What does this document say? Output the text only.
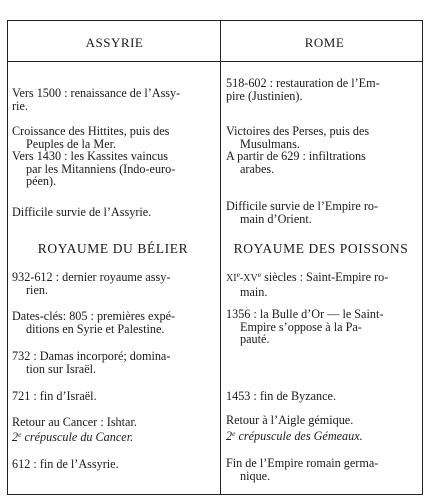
ASSYRIE	ROME

Vers 1500 : renaissance de l’Assy-
rie.

Croissance des Hittites, puis des
Peuples de la Mer.

Vers 1430 : les Kassites vaincus
par les Mitanniens (Indo-euro-
péen).

Difficile survie de l’Assyrie.

ROYAUME DU BÉLIER

932-612 : dernier royaume assy-
rien.

Dates-clés: 805 : premières expé-
ditions en Syrie et Palestine.

732 : Damas incorporé; domina-
tion sur Israël.

721 : fin d’Israël.

Retour au Cancer : Ishtar.

2e crépuscule du Cancer.

612 : fin de l’Assyrie.

518-602 : restauration de l’Em-
pire (Justinien).

Victoires des Perses, puis des
Musulmans.

A partir de 629 : infiltrations
arabes.

Difficile survie de l’Empire ro-
main d’Orient.

ROYAUME DES POISSONS

XIe-XVe siècles : Saint-Empire ro-
main.

1356 : la Bulle d’Or — le Saint-
Empire s’oppose à la Pa-
pauté.

1453 : fin de Byzance.

Retour à l’Aigle gémique.

2e crépuscule des Gémeaux.

Fin de l’Empire romain germa-
nique.
